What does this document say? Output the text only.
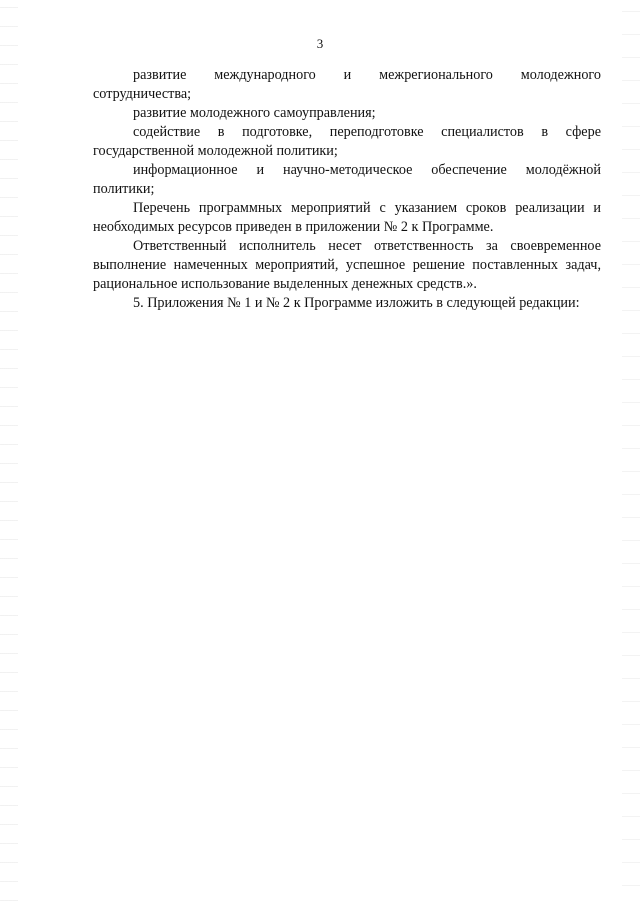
3

развитие международного и межрегионального молодежного сотрудничества;

развитие молодежного самоуправления;

содействие в подготовке, переподготовке специалистов в сфере государственной молодежной политики;

информационное и научно-методическое обеспечение молодёжной политики;

Перечень программных мероприятий с указанием сроков реализации и необходимых ресурсов приведен в приложении № 2 к Программе.

Ответственный исполнитель несет ответственность за своевременное выполнение намеченных мероприятий, успешное решение поставленных задач, рациональное использование выделенных денежных средств.».

5. Приложения № 1 и № 2 к Программе изложить в следующей редакции:
